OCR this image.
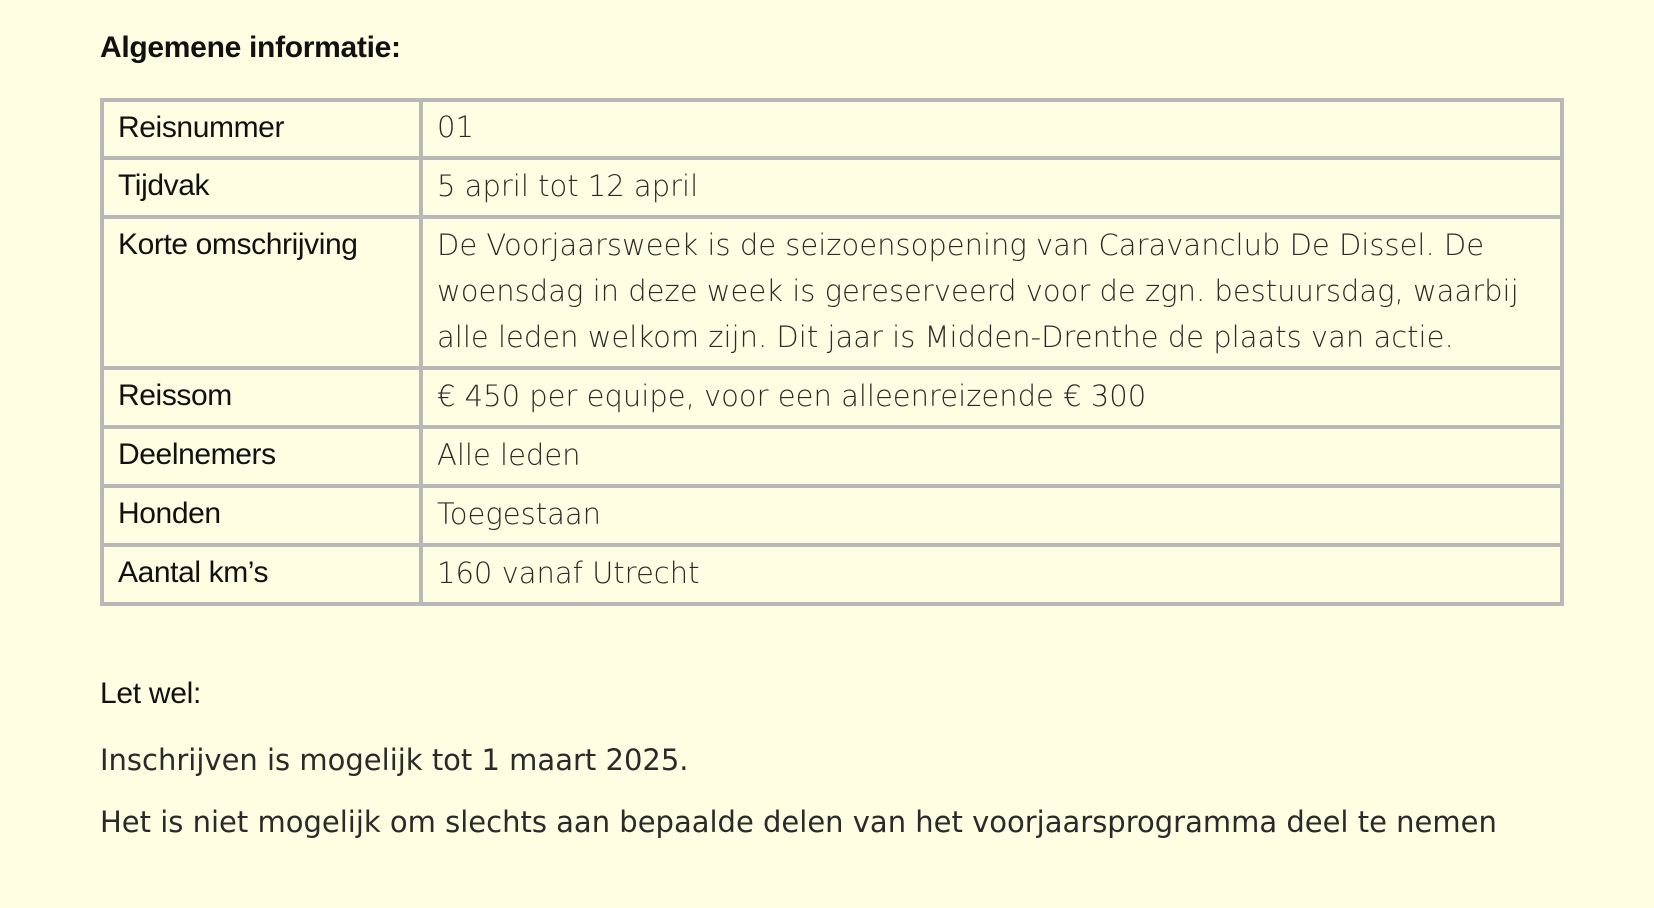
Algemene informatie:
Reisnummer	01
Tijdvak	5 april tot 12 april
Korte omschrijving	De Voorjaarsweek is de seizoensopening van Caravanclub De Dissel. De woensdag in deze week is gereserveerd voor de zgn. bestuursdag, waarbij alle leden welkom zijn. Dit jaar is Midden-Drenthe de plaats van actie.
Reissom	€ 450 per equipe, voor een alleenreizende € 300
Deelnemers	Alle leden
Honden	Toegestaan
Aantal km’s	160 vanaf Utrecht
Let wel:

Inschrijven is mogelijk tot 1 maart 2025.

Het is niet mogelijk om slechts aan bepaalde delen van het voorjaarsprogramma deel te nemen
